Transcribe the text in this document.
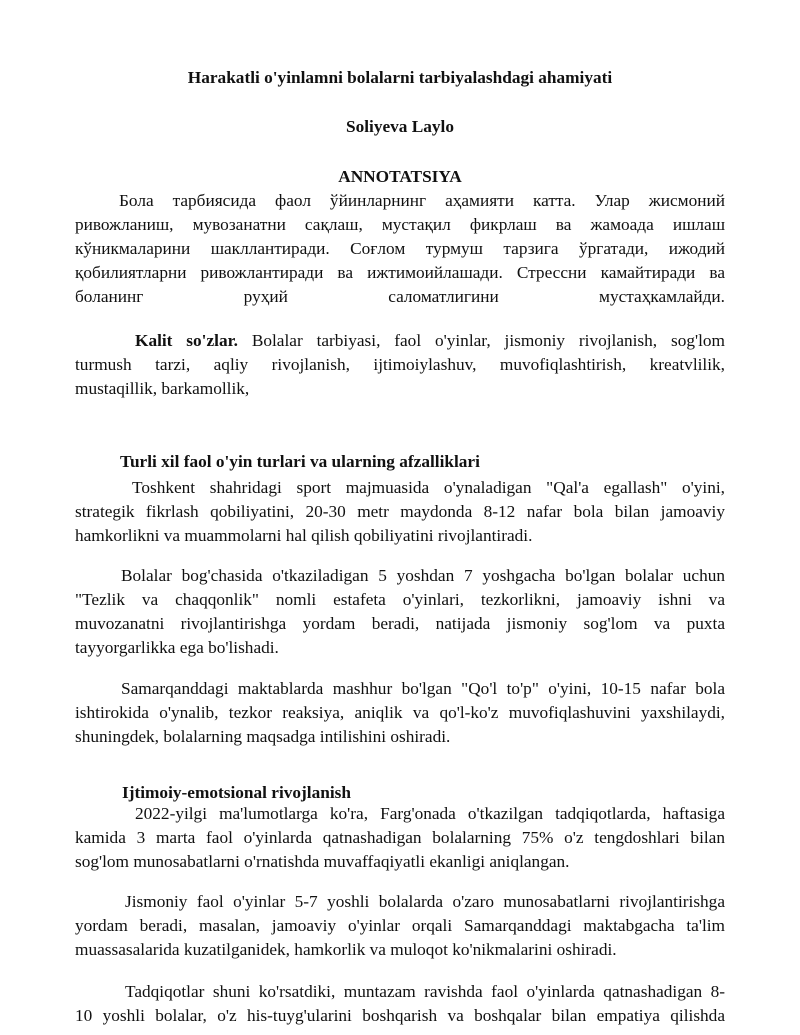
Harakatli o'yinlamni bolalarni tarbiyalashdagi ahamiyati
Soliyeva Laylo
ANNOTATSIYA
Бола тарбиясида фаол ўйинларнинг аҳамияти катта. Улар жисмоний
ривожланиш, мувозанатни сақлаш, мустақил фикрлаш ва жамоада ишлаш
кўникмаларини шакллантиради. Соғлом турмуш тарзига ўргатади, ижодий
қобилиятларни ривожлантиради ва ижтимоийлашади. Стрессни камайтиради ва
боланинг руҳий саломатлигини мустаҳкамлайди.
Kalit so'zlar. Bolalar tarbiyasi, faol o'yinlar, jismoniy rivojlanish, sog'lom
turmush tarzi, aqliy rivojlanish, ijtimoiylashuv, muvofiqlashtirish, kreatvlilik,
mustaqillik, barkamollik,
Turli xil faol o'yin turlari va ularning afzalliklari
Toshkent shahridagi sport majmuasida o'ynaladigan "Qal'a egallash" o'yini,
strategik fikrlash qobiliyatini, 20-30 metr maydonda 8-12 nafar bola bilan jamoaviy
hamkorlikni va muammolarni hal qilish qobiliyatini rivojlantiradi.
Bolalar bog'chasida o'tkaziladigan 5 yoshdan 7 yoshgacha bo'lgan bolalar uchun
"Tezlik va chaqqonlik" nomli estafeta o'yinlari, tezkorlikni, jamoaviy ishni va
muvozanatni rivojlantirishga yordam beradi, natijada jismoniy sog'lom va puxta
tayyorgarlikka ega bo'lishadi.
Samarqanddagi maktablarda mashhur bo'lgan "Qo'l to'p" o'yini, 10-15 nafar bola
ishtirokida o'ynalib, tezkor reaksiya, aniqlik va qo'l-ko'z muvofiqlashuvini yaxshilaydi,
shuningdek, bolalarning maqsadga intilishini oshiradi.
Ijtimoiy-emotsional rivojlanish
2022-yilgi ma'lumotlarga ko'ra, Farg'onada o'tkazilgan tadqiqotlarda, haftasiga
kamida 3 marta faol o'yinlarda qatnashadigan bolalarning 75% o'z tengdoshlari bilan
sog'lom munosabatlarni o'rnatishda muvaffaqiyatli ekanligi aniqlangan.
Jismoniy faol o'yinlar 5-7 yoshli bolalarda o'zaro munosabatlarni rivojlantirishga
yordam beradi, masalan, jamoaviy o'yinlar orqali Samarqanddagi maktabgacha ta'lim
muassasalarida kuzatilganidek, hamkorlik va muloqot ko'nikmalarini oshiradi.
Tadqiqotlar shuni ko'rsatdiki, muntazam ravishda faol o'yinlarda qatnashadigan 8-
10 yoshli bolalar, o'z his-tuyg'ularini boshqarish va boshqalar bilan empatiya qilishda
